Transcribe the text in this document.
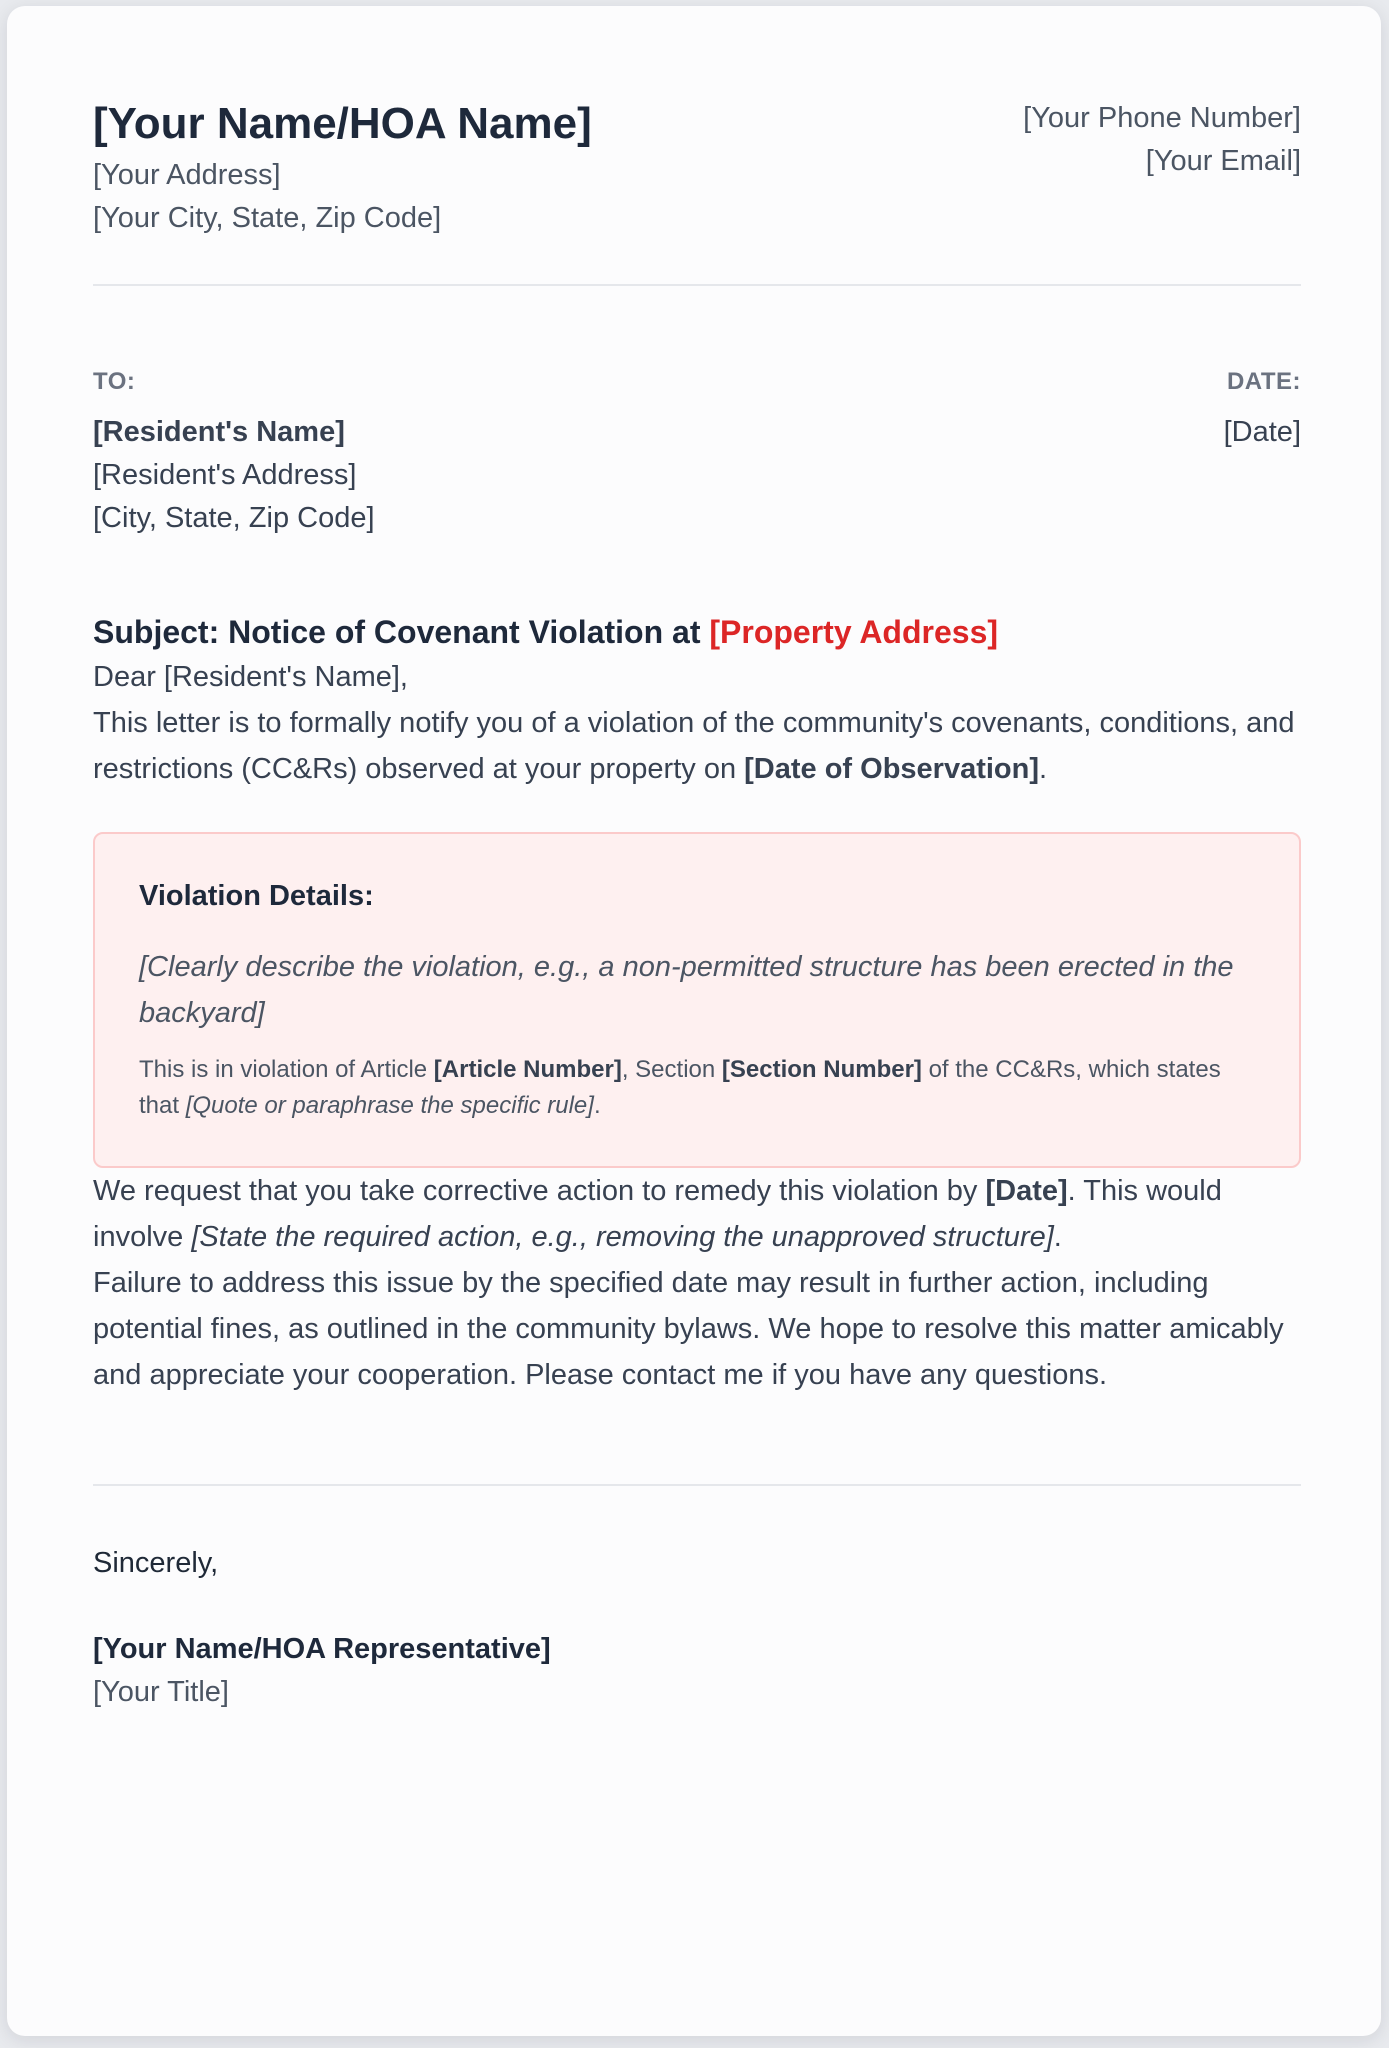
[Your Name/HOA Name]
[Your Address]
[Your City, State, Zip Code]
[Your Phone Number]
[Your Email]
TO:
[Resident's Name]
[Resident's Address]
[City, State, Zip Code]
DATE:
[Date]
Subject: Notice of Covenant Violation at [Property Address]

Dear [Resident's Name],

This letter is to formally notify you of a violation of the community's covenants, conditions, and restrictions (CC&Rs) observed at your property on [Date of Observation].

Violation Details:
[Clearly describe the violation, e.g., a non-permitted structure has been erected in the backyard]
This is in violation of Article [Article Number], Section [Section Number] of the CC&Rs, which states that [Quote or paraphrase the specific rule].

We request that you take corrective action to remedy this violation by [Date]. This would involve [State the required action, e.g., removing the unapproved structure].

Failure to address this issue by the specified date may result in further action, including potential fines, as outlined in the community bylaws. We hope to resolve this matter amicably and appreciate your cooperation. Please contact me if you have any questions.

Sincerely,
[Your Name/HOA Representative]
[Your Title]
